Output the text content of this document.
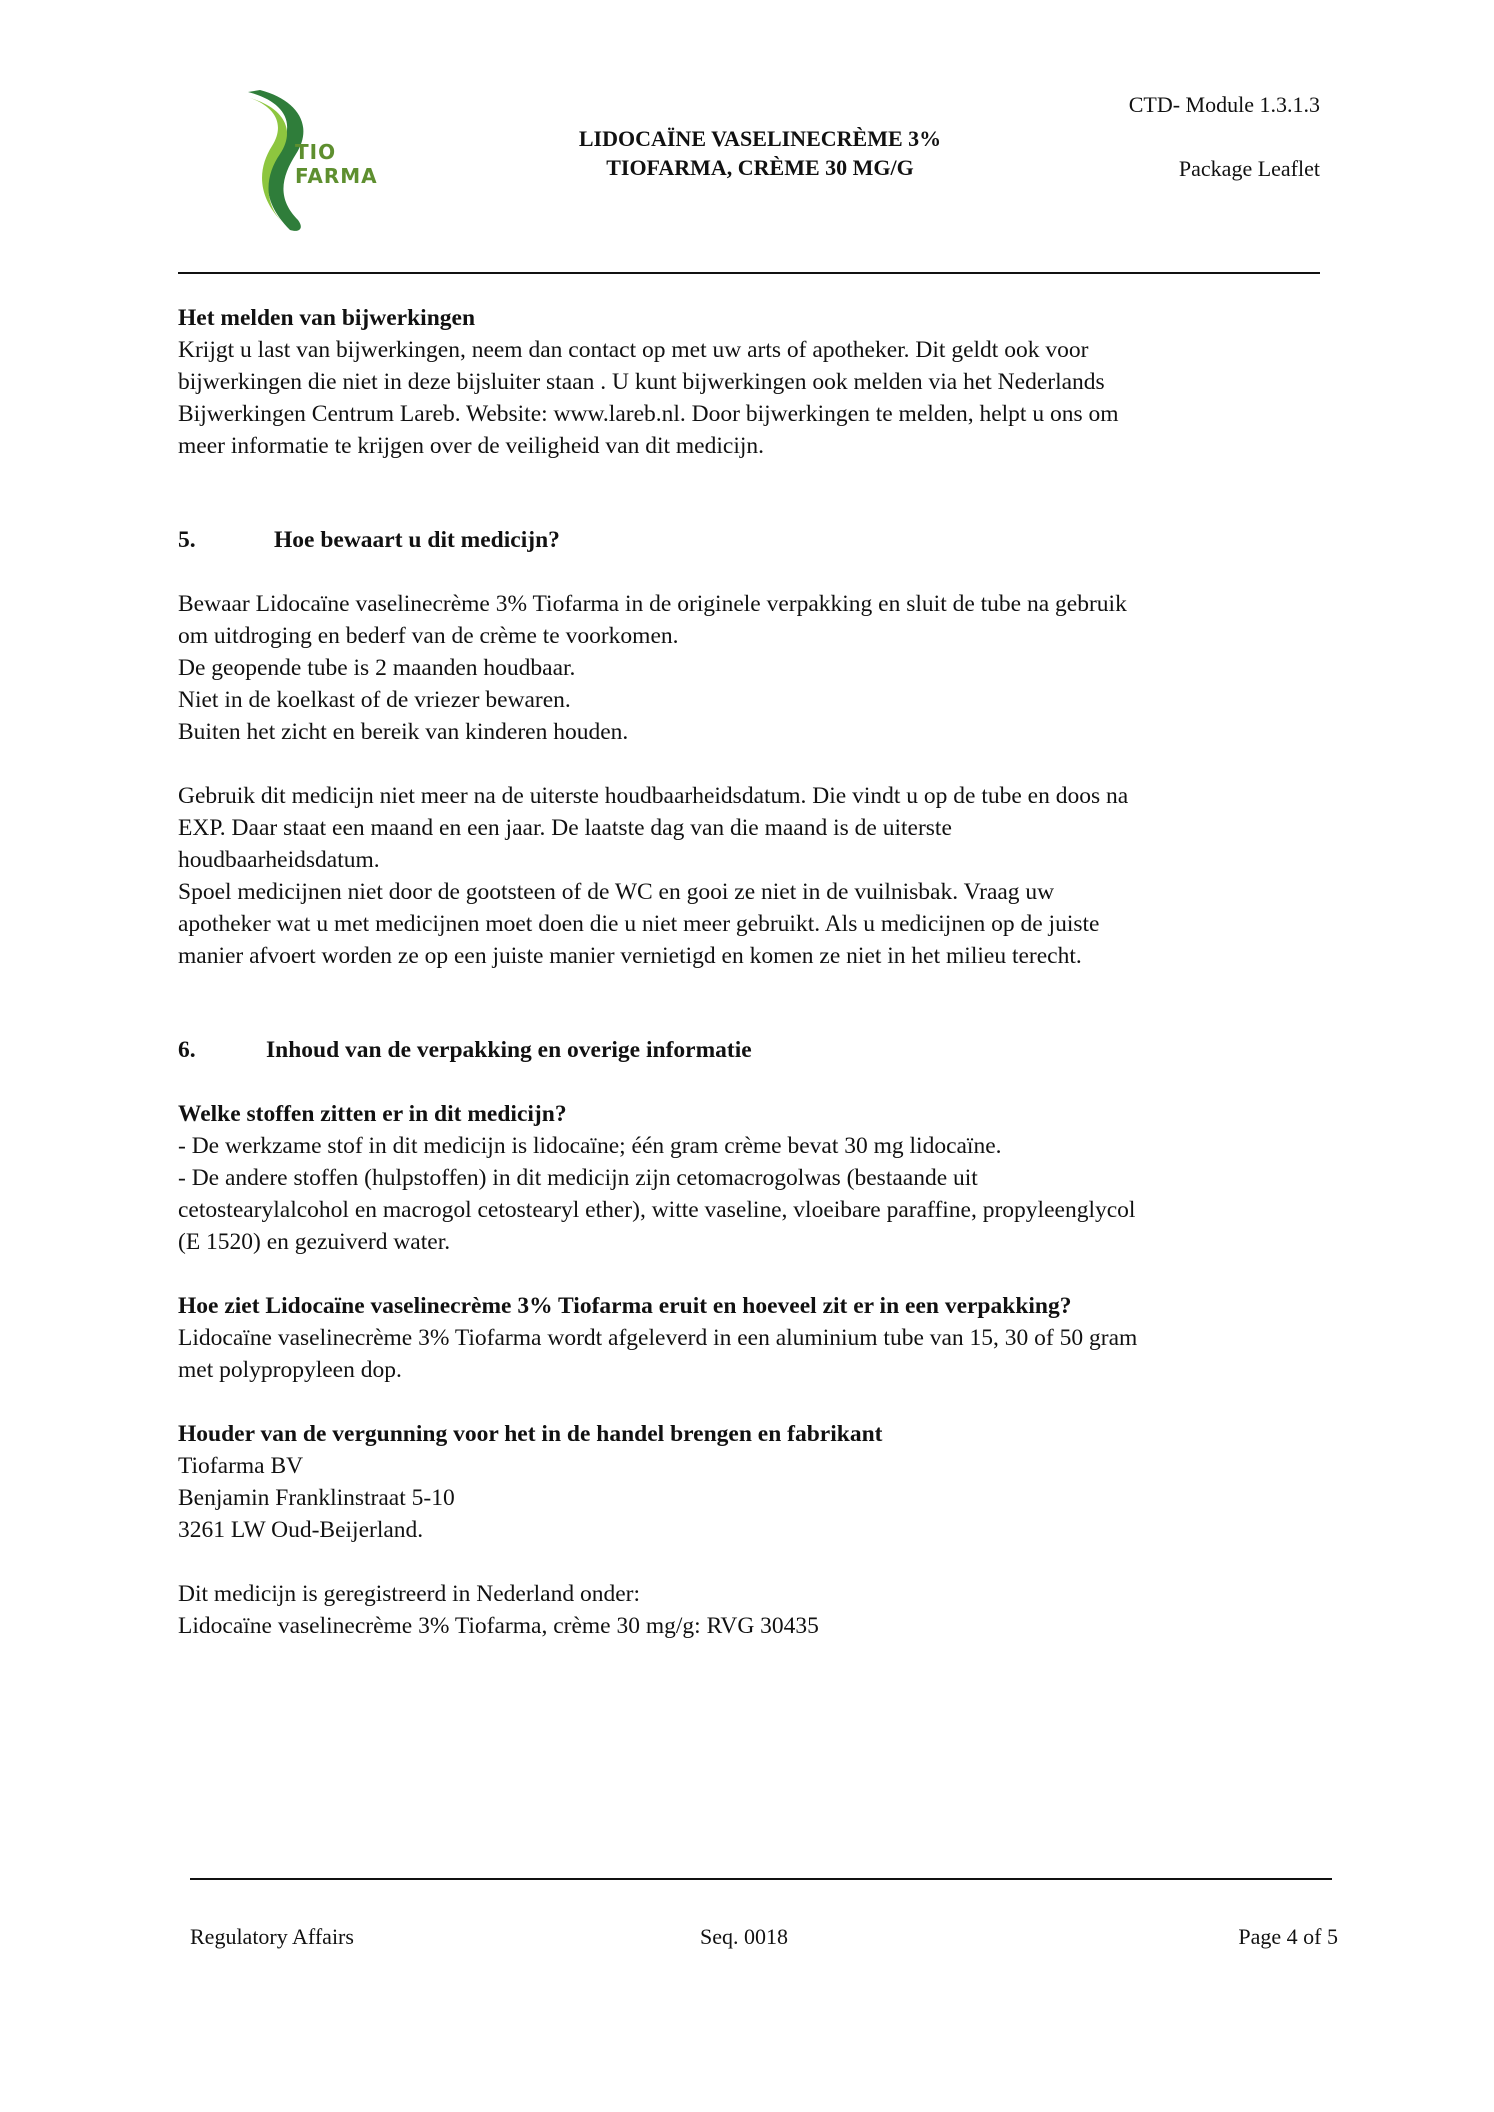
TIO
FARMA
LIDOCAÏNE VASELINECRÈME 3%
TIOFARMA, CRÈME 30 MG/G
CTD- Module 1.3.1.3
Package Leaflet

Het melden van bijwerkingen

Krijgt u last van bijwerkingen, neem dan contact op met uw arts of apotheker. Dit geldt ook voor

bijwerkingen die niet in deze bijsluiter staan . U kunt bijwerkingen ook melden via het Nederlands

Bijwerkingen Centrum Lareb. Website: www.lareb.nl. Door bijwerkingen te melden, helpt u ons om

meer informatie te krijgen over de veiligheid van dit medicijn.

5.	Hoe bewaart u dit medicijn?

Bewaar Lidocaïne vaselinecrème 3% Tiofarma in de originele verpakking en sluit de tube na gebruik

om uitdroging en bederf van de crème te voorkomen.

De geopende tube is 2 maanden houdbaar.

Niet in de koelkast of de vriezer bewaren.

Buiten het zicht en bereik van kinderen houden.

Gebruik dit medicijn niet meer na de uiterste houdbaarheidsdatum. Die vindt u op de tube en doos na

EXP. Daar staat een maand en een jaar. De laatste dag van die maand is de uiterste

houdbaarheidsdatum.

Spoel medicijnen niet door de gootsteen of de WC en gooi ze niet in de vuilnisbak. Vraag uw

apotheker wat u met medicijnen moet doen die u niet meer gebruikt. Als u medicijnen op de juiste

manier afvoert worden ze op een juiste manier vernietigd en komen ze niet in het milieu terecht.

6.	Inhoud van de verpakking en overige informatie

Welke stoffen zitten er in dit medicijn?

- De werkzame stof in dit medicijn is lidocaïne; één gram crème bevat 30 mg lidocaïne.

- De andere stoffen (hulpstoffen) in dit medicijn zijn cetomacrogolwas (bestaande uit

cetostearylalcohol en macrogol cetostearyl ether), witte vaseline, vloeibare paraffine, propyleenglycol

(E 1520) en gezuiverd water.

Hoe ziet Lidocaïne vaselinecrème 3% Tiofarma eruit en hoeveel zit er in een verpakking?

Lidocaïne vaselinecrème 3% Tiofarma wordt afgeleverd in een aluminium tube van 15, 30 of 50 gram

met polypropyleen dop.

Houder van de vergunning voor het in de handel brengen en fabrikant

Tiofarma BV

Benjamin Franklinstraat 5-10

3261 LW Oud-Beijerland.

Dit medicijn is geregistreerd in Nederland onder:

Lidocaïne vaselinecrème 3% Tiofarma, crème 30 mg/g: RVG 30435

Regulatory Affairs	Seq. 0018	Page 4 of 5
